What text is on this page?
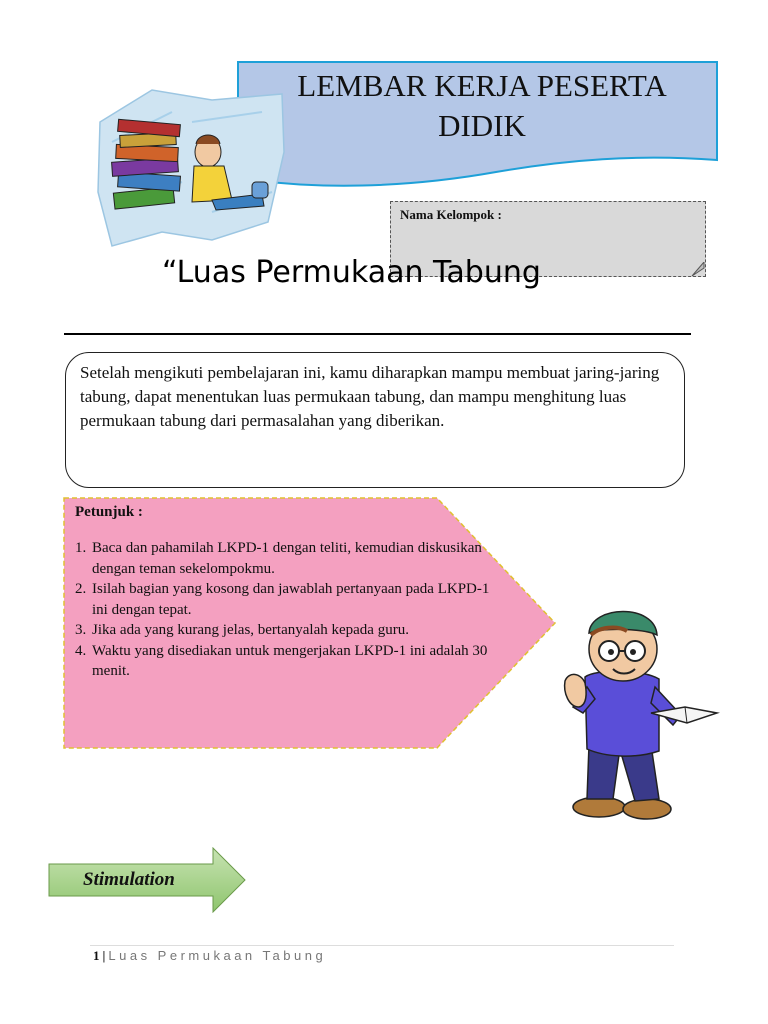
LEMBAR KERJA PESERTA DIDIK
Nama Kelompok :
“Luas Permukaan Tabung
Setelah mengikuti pembelajaran ini, kamu diharapkan mampu membuat jaring-jaring tabung, dapat menentukan luas permukaan tabung, dan mampu menghitung luas permukaan tabung dari permasalahan yang diberikan.
Petunjuk :
1. Baca dan pahamilah LKPD-1 dengan teliti, kemudian diskusikan dengan teman sekelompokmu.
2. Isilah bagian yang kosong dan jawablah pertanyaan pada LKPD-1 ini dengan tepat.
3. Jika ada yang kurang jelas, bertanyalah kepada guru.
4. Waktu yang disediakan untuk mengerjakan LKPD-1 ini adalah 30 menit.
Stimulation
1 | Luas Permukaan Tabung
